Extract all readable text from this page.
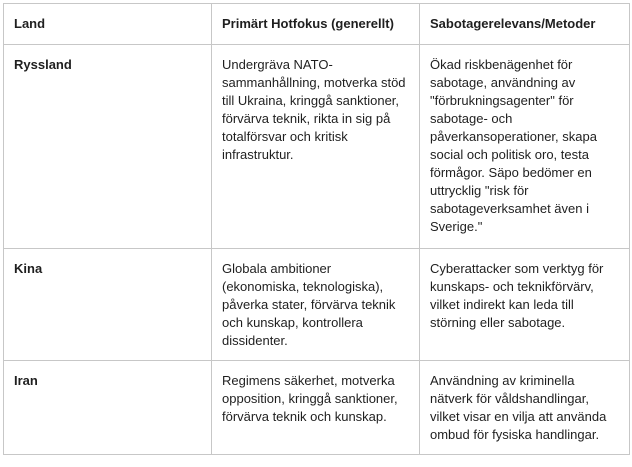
Land	Primärt Hotfokus (generellt)	Sabotagerelevans/Metoder
Ryssland	Undergräva NATO-sammanhållning, motverka stöd till Ukraina, kringgå sanktioner, förvärva teknik, rikta in sig på totalförsvar och kritisk infrastruktur.	Ökad riskbenägenhet för sabotage, användning av "förbrukningsagenter" för sabotage- och påverkansoperationer, skapa social och politisk oro, testa förmågor. Säpo bedömer en uttrycklig "risk för sabotageverksamhet även i Sverige."
Kina	Globala ambitioner (ekonomiska, teknologiska), påverka stater, förvärva teknik och kunskap, kontrollera dissidenter.	Cyberattacker som verktyg för kunskaps- och teknikförvärv, vilket indirekt kan leda till störning eller sabotage.
Iran	Regimens säkerhet, motverka opposition, kringgå sanktioner, förvärva teknik och kunskap.	Användning av kriminella nätverk för våldshandlingar, vilket visar en vilja att använda ombud för fysiska handlingar.
